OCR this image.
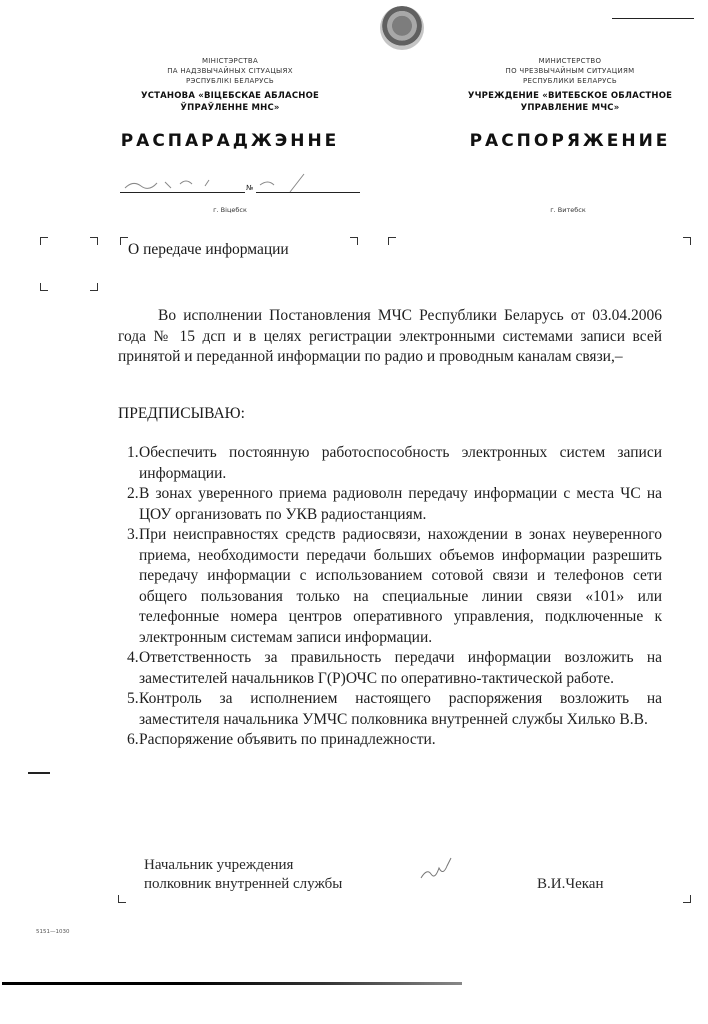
МІНІСТЭРСТВА
ПА НАДЗВЫЧАЙНЫХ СІТУАЦЫЯХ
РЭСПУБЛІКІ БЕЛАРУСЬ
УСТАНОВА «ВІЦЕБСКАЕ АБЛАСНОЕ
ЎПРАЎЛЕННЕ МНС»
РАСПАРАДЖЭННЕ
№
г. Віцебск
МИНИСТЕРСТВО
ПО ЧРЕЗВЫЧАЙНЫМ СИТУАЦИЯМ
РЕСПУБЛИКИ БЕЛАРУСЬ
УЧРЕЖДЕНИЕ «ВИТЕБСКОЕ ОБЛАСТНОЕ
УПРАВЛЕНИЕ МЧС»
РАСПОРЯЖЕНИЕ
г. Витебск
О передаче информации
Во исполнении Постановления МЧС Республики Беларусь от 03.04.2006 года № 15 дсп и в целях регистрации электронными системами записи всей принятой и переданной информации по радио и проводным каналам связи,–
ПРЕДПИСЫВАЮ:
1. Обеспечить постоянную работоспособность электронных систем записи информации.
2. В зонах уверенного приема радиоволн передачу информации с места ЧС на ЦОУ организовать по УКВ радиостанциям.
3. При неисправностях средств радиосвязи, нахождении в зонах неуверенного приема, необходимости передачи больших объемов информации разрешить передачу информации с использованием сотовой связи и телефонов сети общего пользования только на специальные линии связи «101» или телефонные номера центров оперативного управления, подключенные к электронным системам записи информации.
4. Ответственность за правильность передачи информации возложить на заместителей начальников Г(Р)ОЧС по оперативно-тактической работе.
5. Контроль за исполнением настоящего распоряжения возложить на заместителя начальника УМЧС полковника внутренней службы Хилько В.В.
6. Распоряжение объявить по принадлежности.
Начальник учреждения
полковник внутренней службы	В.И.Чекан
5151—1030
